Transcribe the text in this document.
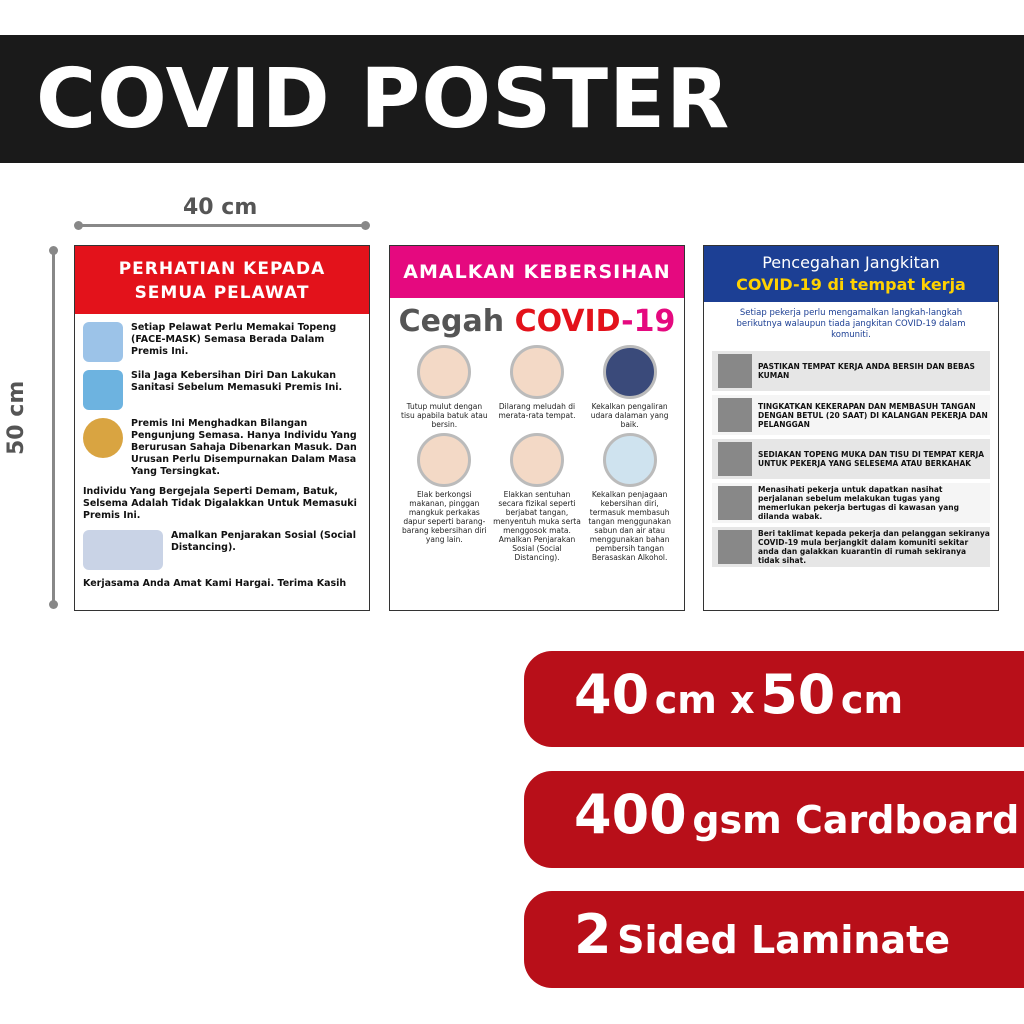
COVID POSTER
40 cm
50 cm
PERHATIAN KEPADA
SEMUA PELAWAT
Setiap Pelawat Perlu Memakai Topeng (FACE-MASK) Semasa Berada Dalam Premis Ini.
Sila Jaga Kebersihan Diri Dan Lakukan Sanitasi Sebelum Memasuki Premis Ini.
Premis Ini Menghadkan Bilangan Pengunjung Semasa. Hanya Individu Yang Berurusan Sahaja Dibenarkan Masuk. Dan Urusan Perlu Disempurnakan Dalam Masa Yang Tersingkat.
Individu Yang Bergejala Seperti Demam, Batuk, Selsema Adalah Tidak Digalakkan Untuk Memasuki Premis Ini.
Amalkan Penjarakan Sosial (Social Distancing).
Kerjasama Anda Amat Kami Hargai. Terima Kasih
AMALKAN KEBERSIHAN
Cegah COVID-19
Tutup mulut dengan tisu apabila batuk atau bersin.
Dilarang meludah di merata-rata tempat.
Kekalkan pengaliran udara dalaman yang baik.
Elak berkongsi makanan, pinggan mangkuk perkakas dapur seperti barang-barang kebersihan diri yang lain.
Elakkan sentuhan secara fizikal seperti berjabat tangan, menyentuh muka serta menggosok mata. Amalkan Penjarakan Sosial (Social Distancing).
Kekalkan penjagaan kebersihan diri, termasuk membasuh tangan menggunakan sabun dan air atau menggunakan bahan pembersih tangan Berasaskan Alkohol.
Pencegahan Jangkitan
COVID-19 di tempat kerja
Setiap pekerja perlu mengamalkan langkah-langkah berikutnya walaupun tiada jangkitan COVID-19 dalam komuniti.
PASTIKAN TEMPAT KERJA ANDA BERSIH DAN BEBAS KUMAN
TINGKATKAN KEKERAPAN DAN MEMBASUH TANGAN DENGAN BETUL (20 SAAT) DI KALANGAN PEKERJA DAN PELANGGAN
SEDIAKAN TOPENG MUKA DAN TISU DI TEMPAT KERJA UNTUK PEKERJA YANG SELESEMA ATAU BERKAHAK
Menasihati pekerja untuk dapatkan nasihat perjalanan sebelum melakukan tugas yang memerlukan pekerja bertugas di kawasan yang dilanda wabak.
Beri taklimat kepada pekerja dan pelanggan sekiranya COVID-19 mula berjangkit dalam komuniti sekitar anda dan galakkan kuarantin di rumah sekiranya tidak sihat.
40 cm x 50 cm
400 gsm Cardboard
2 Sided Laminate
